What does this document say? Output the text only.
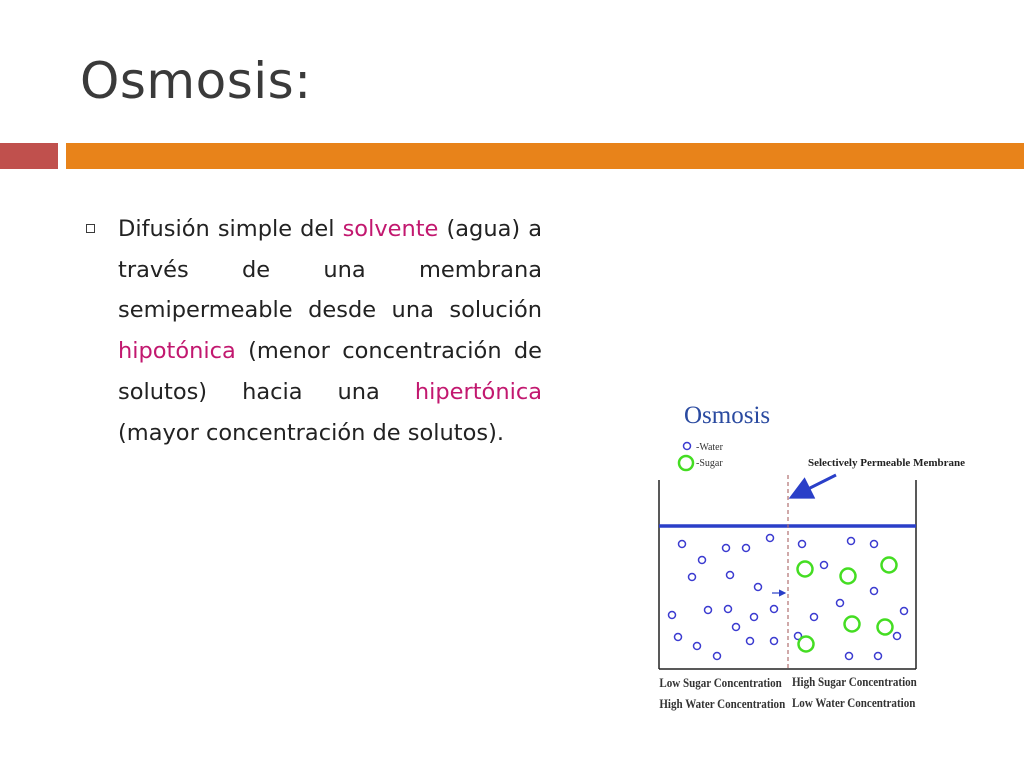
Osmosis:

Difusión simple del solvente (agua) a través de una membrana semipermeable desde una solución hipotónica (menor concentración de solutos) hacia una hipertónica (mayor concentración de solutos).

Osmosis
-Water
-Sugar	Selectively Permeable Membrane
Low Sugar Concentration
High Water Concentration
High Sugar Concentration
Low Water Concentration
